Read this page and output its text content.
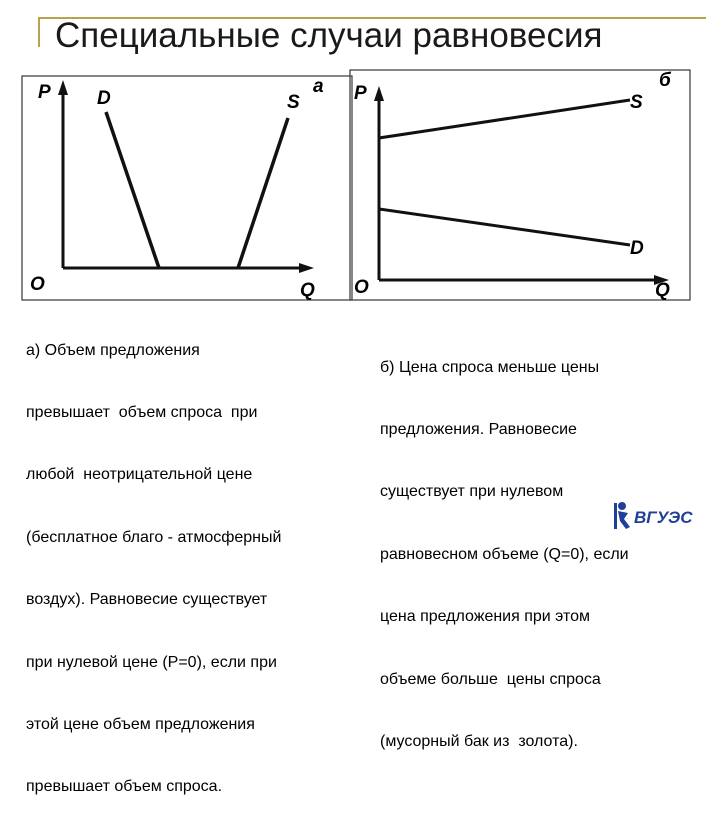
Специальные случаи равновесия
P D	S
а
O	Q
P	S
б
D
O	Q

а) Объем предложения

превышает  объем спроса  при

любой  неотрицательной цене

(бесплатное благо - атмосферный

воздух). Равновесие существует

при нулевой цене (Р=0), если при

этой цене объем предложения

превышает объем спроса.

б) Цена спроса меньше цены

предложения. Равновесие

существует при нулевом

равновесном объеме (Q=0), если

цена предложения при этом

объеме больше  цены спроса

(мусорный бак из  золота).

ВГУЭС
